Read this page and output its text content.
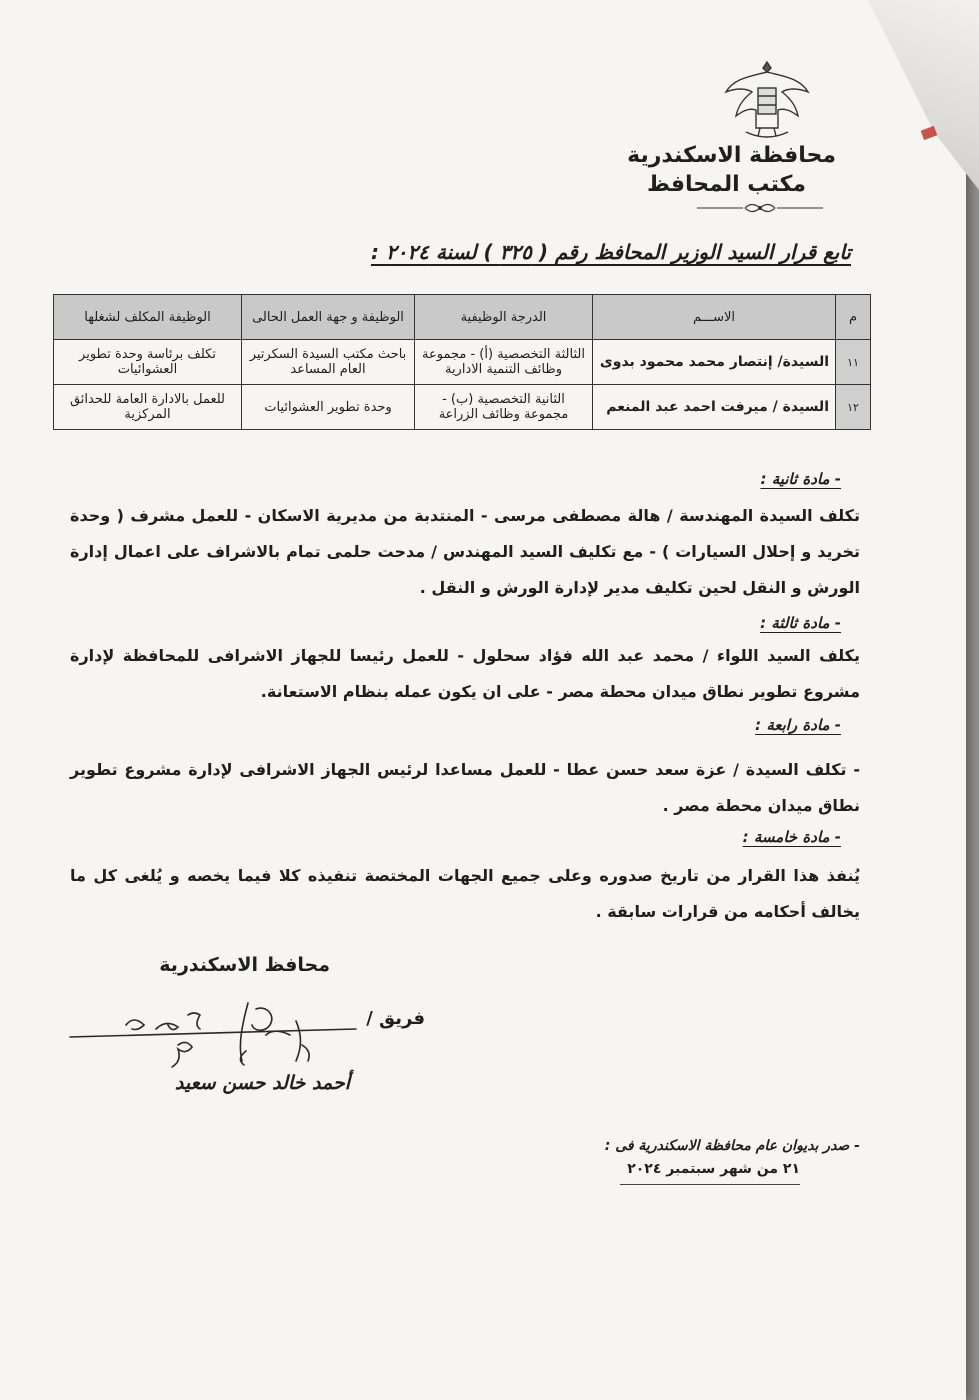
محافظة الاسكندرية
مكتب المحافظ
تابع قرار السيد الوزير المحافظ رقم ( ٣٢٥ ) لسنة ٢٠٢٤ :
م	الاســـم	الدرجة الوظيفية	الوظيفة و جهة العمل الحالى	الوظيفة المكلف لشغلها
١١	السيدة/ إنتصار محمد محمود بدوى	الثالثة التخصصية (أ) - مجموعة وظائف التنمية الادارية	باحث مكتب السيدة السكرتير العام المساعد	تكلف برئاسة وحدة تطوير العشوائيات
١٢	السيدة / ميرفت احمد عبد المنعم	الثانية التخصصية (ب) - مجموعة وظائف الزراعة	وحدة تطوير العشوائيات	للعمل بالادارة العامة للحدائق المركزية
- مادة ثانية :
تكلف السيدة المهندسة / هالة مصطفى مرسى - المنتدبة من مديرية الاسكان - للعمل مشرف ( وحدة تخريد و إحلال السيارات ) - مع تكليف السيد المهندس / مدحت حلمى تمام بالاشراف على اعمال إدارة الورش و النقل لحين تكليف مدير لإدارة الورش و النقل .
- مادة ثالثة :
يكلف السيد اللواء / محمد عبد الله فؤاد سحلول - للعمل رئيسا للجهاز الاشرافى للمحافظة لإدارة مشروع تطوير نطاق ميدان محطة مصر - على ان يكون عمله بنظام الاستعانة.
- مادة رابعة :
- تكلف السيدة / عزة سعد حسن عطا - للعمل مساعدا لرئيس الجهاز الاشرافى لإدارة مشروع تطوير نطاق ميدان محطة مصر .
- مادة خامسة :
يُنفذ هذا القرار من تاريخ صدوره وعلى جميع الجهات المختصة تنفيذه كلا فيما يخصه و يُلغى كل ما يخالف أحكامه من قرارات سابقة .
محافظ الاسكندرية
فريق /
أحمد خالد حسن سعيد
- صدر بديوان عام محافظة الاسكندرية فى :
٢١ من شهر سبتمبر ٢٠٢٤
